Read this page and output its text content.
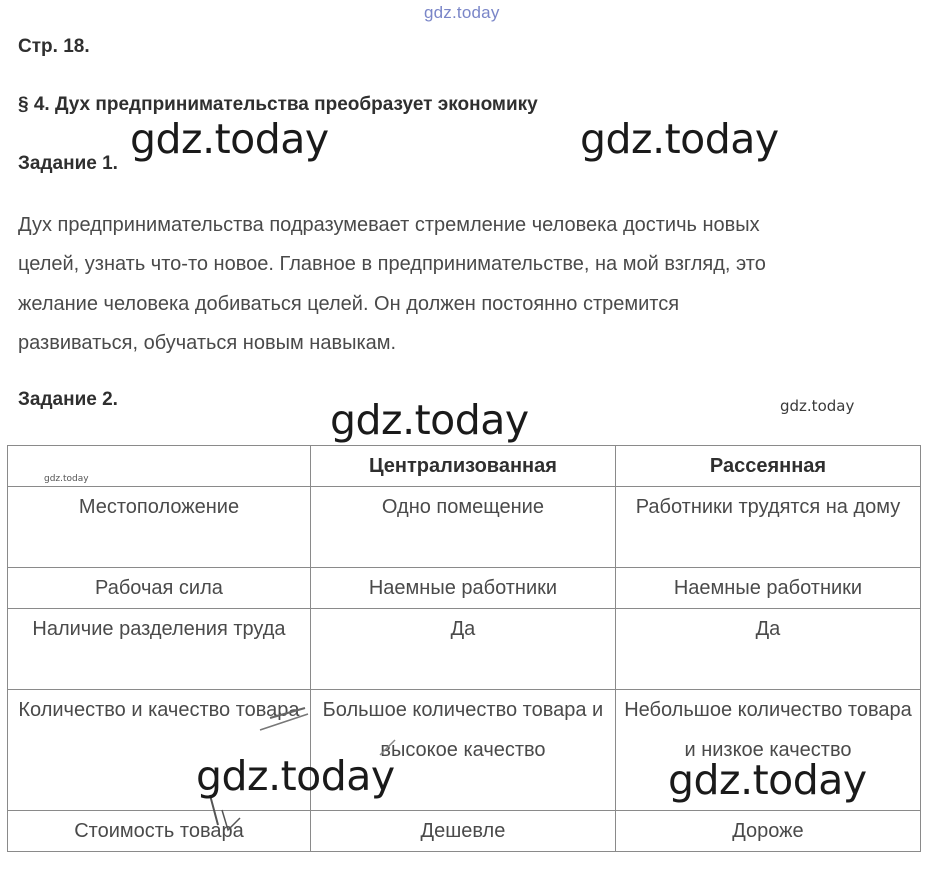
gdz.today
Стр. 18.
§ 4. Дух предпринимательства преобразует экономику
Задание 1.

Дух предпринимательства подразумевает стремление человека достичь новых
целей, узнать что-то новое. Главное в предпринимательстве, на мой взгляд, это
желание человека добиваться целей. Он должен постоянно стремится
развиваться, обучаться новым навыкам.

Задание 2.
	Централизованная	Рассеянная
Местоположение	Одно помещение	Работники трудятся на дому
Рабочая сила	Наемные работники	Наемные работники
Наличие разделения труда	Да	Да
Количество и качество товара	Большое количество товара и высокое качество	Небольшое количество товара и низкое качество
Стоимость товара	Дешевле	Дороже
gdz.today	gdz.today
gdz.today	gdz.today
gdz.today
gdz.today	gdz.today
